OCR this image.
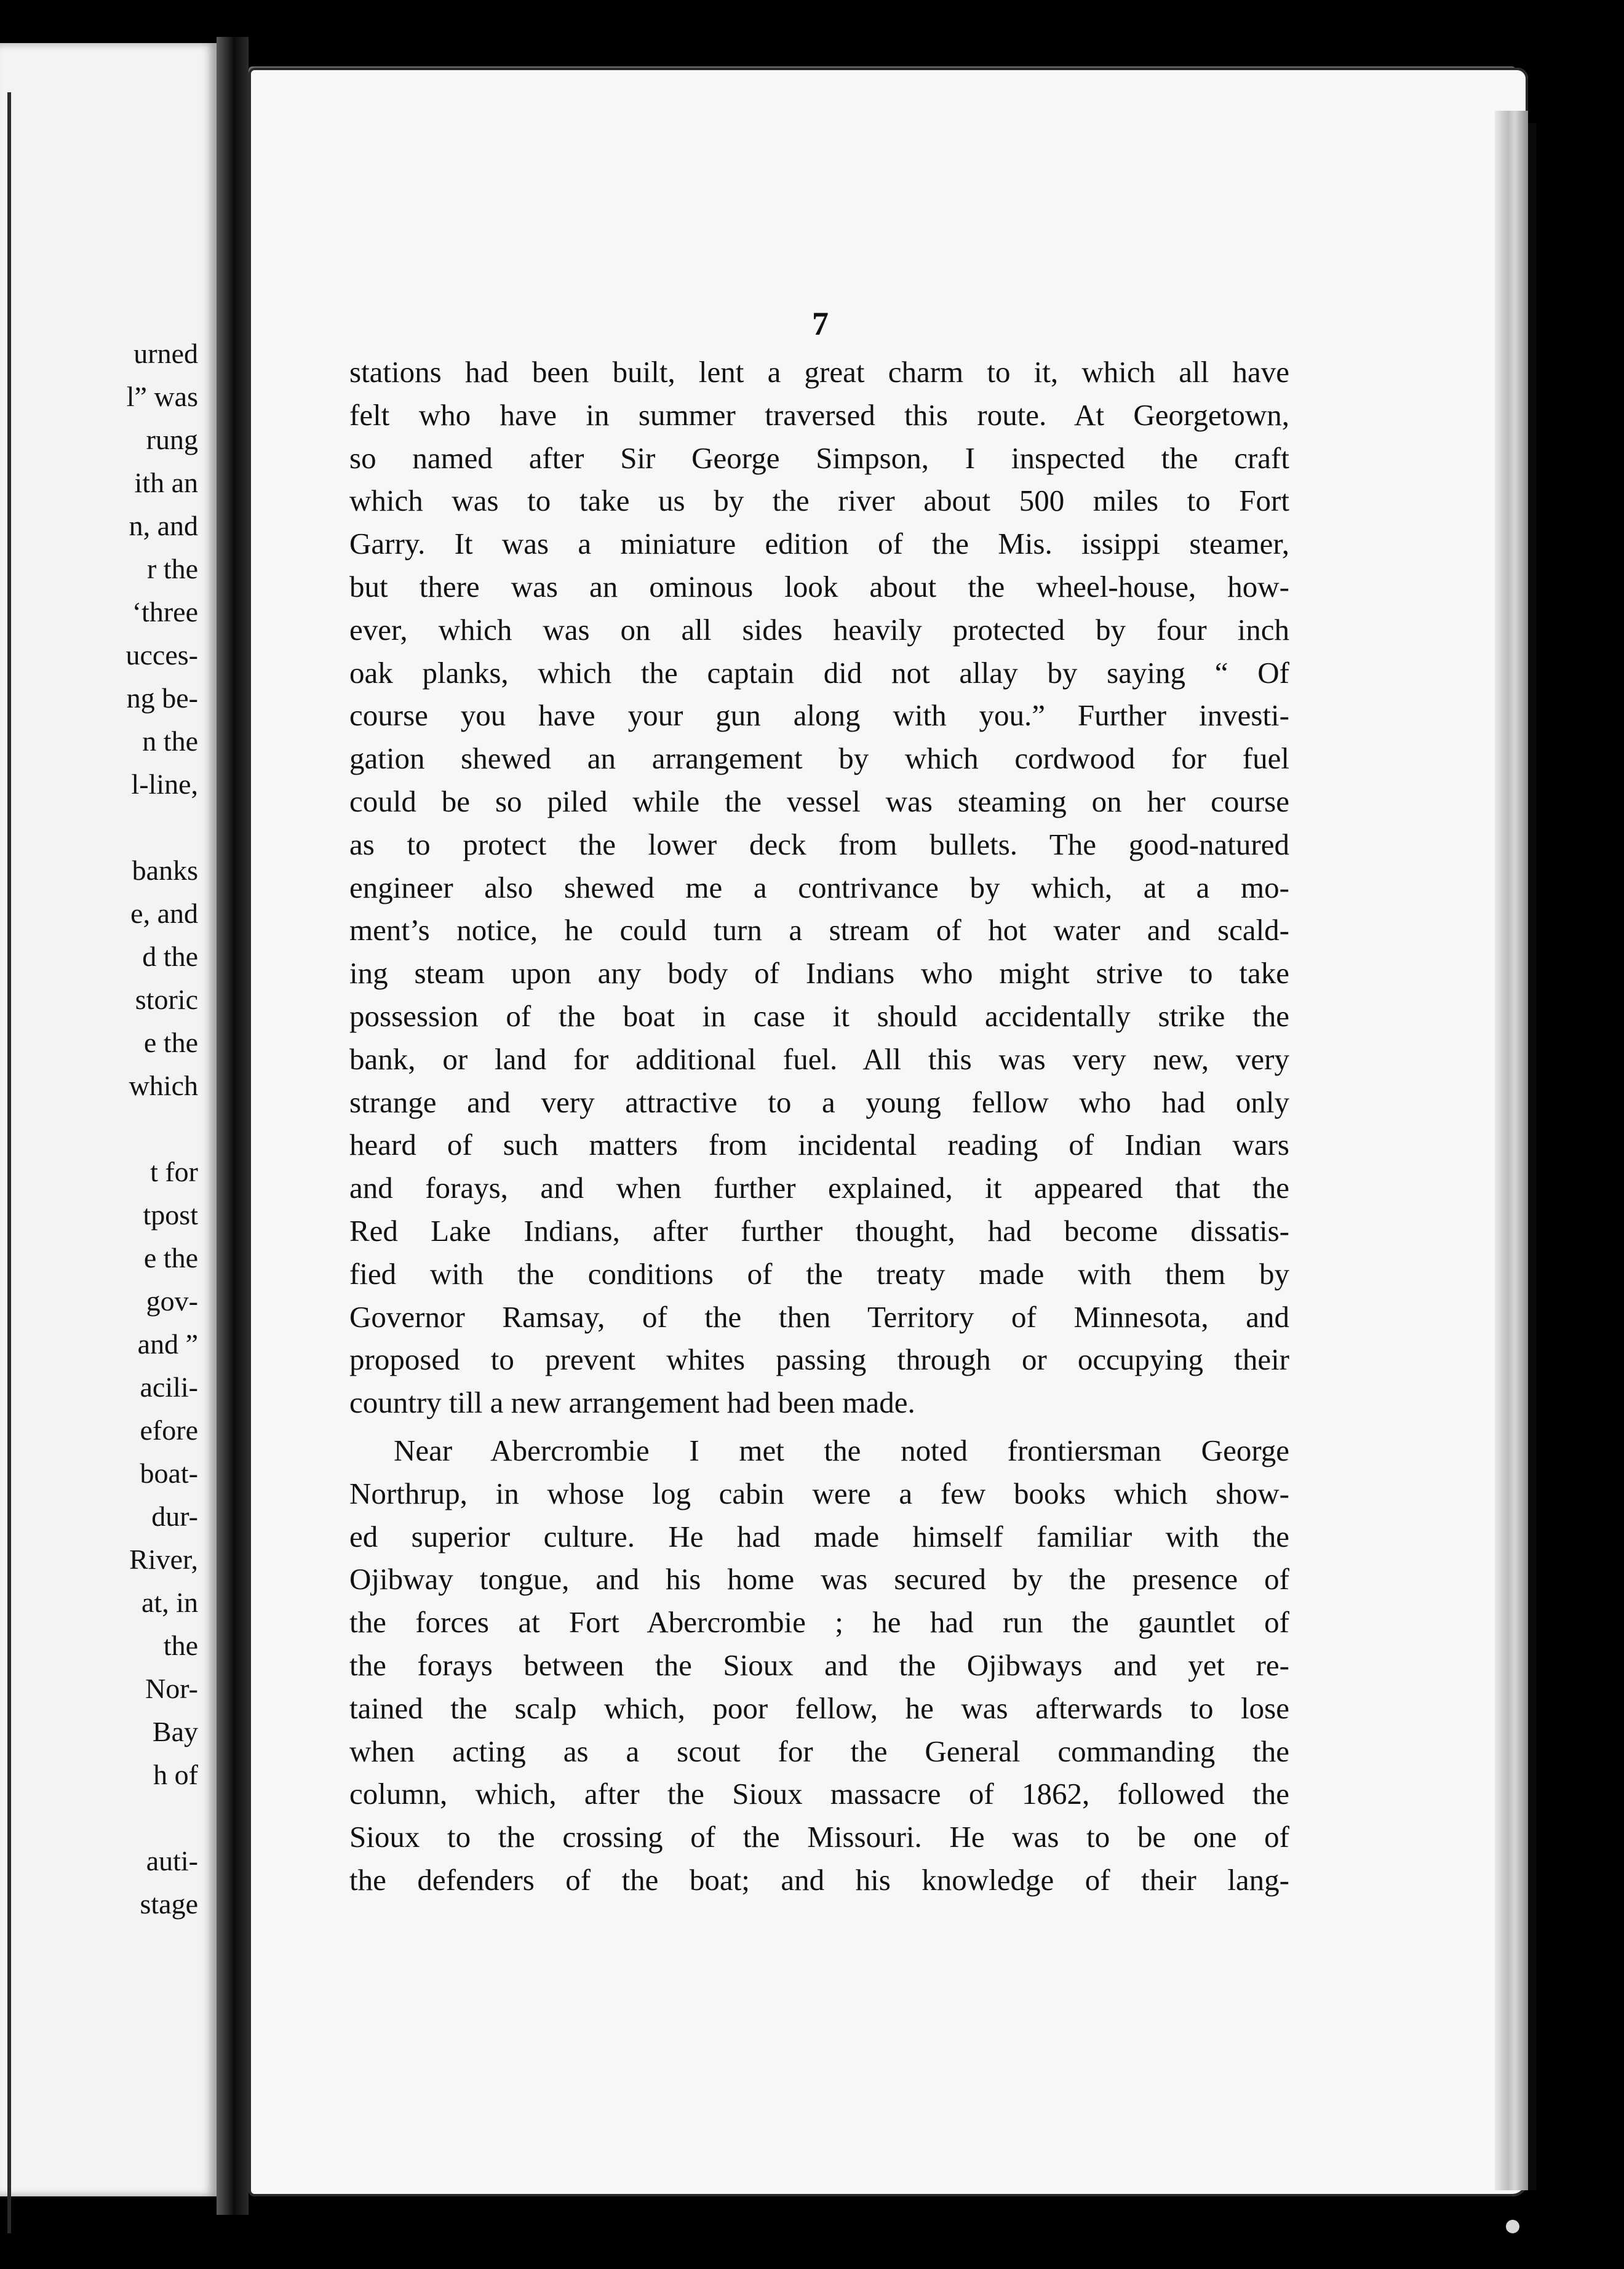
urned
l” was
rung
ith an
n, and
r the
‘three
ucces-
ng be-
n the
l-line,
banks
e, and
d the
storic
e the
which
t for
tpost
e the
gov-
and ”
acili-
efore
boat-
dur-
River,
at, in
the
Nor-
Bay
h of
auti-
stage
7
stations had been built, lent a great charm to it, which all have
felt who have in summer traversed this route. At Georgetown,
so named after Sir George Simpson, I inspected the craft
which was to take us by the river about 500 miles to Fort
Garry. It was a miniature edition of the Mis. issippi steamer,
but there was an ominous look about the wheel-house, how-
ever, which was on all sides heavily protected by four inch
oak planks, which the captain did not allay by saying “ Of
course you have your gun along with you.” Further investi-
gation shewed an arrangement by which cordwood for fuel
could be so piled while the vessel was steaming on her course
as to protect the lower deck from bullets. The good-natured
engineer also shewed me a contrivance by which, at a mo-
ment’s notice, he could turn a stream of hot water and scald-
ing steam upon any body of Indians who might strive to take
possession of the boat in case it should accidentally strike the
bank, or land for additional fuel. All this was very new, very
strange and very attractive to a young fellow who had only
heard of such matters from incidental reading of Indian wars
and forays, and when further explained, it appeared that the
Red Lake Indians, after further thought, had become dissatis-
fied with the conditions of the treaty made with them by
Governor Ramsay, of the then Territory of Minnesota, and
proposed to prevent whites passing through or occupying their
country till a new arrangement had been made.
Near Abercrombie I met the noted frontiersman George
Northrup, in whose log cabin were a few books which show-
ed superior culture. He had made himself familiar with the
Ojibway tongue, and his home was secured by the presence of
the forces at Fort Abercrombie ; he had run the gauntlet of
the forays between the Sioux and the Ojibways and yet re-
tained the scalp which, poor fellow, he was afterwards to lose
when acting as a scout for the General commanding the
column, which, after the Sioux massacre of 1862, followed the
Sioux to the crossing of the Missouri. He was to be one of
the defenders of the boat; and his knowledge of their lang-
